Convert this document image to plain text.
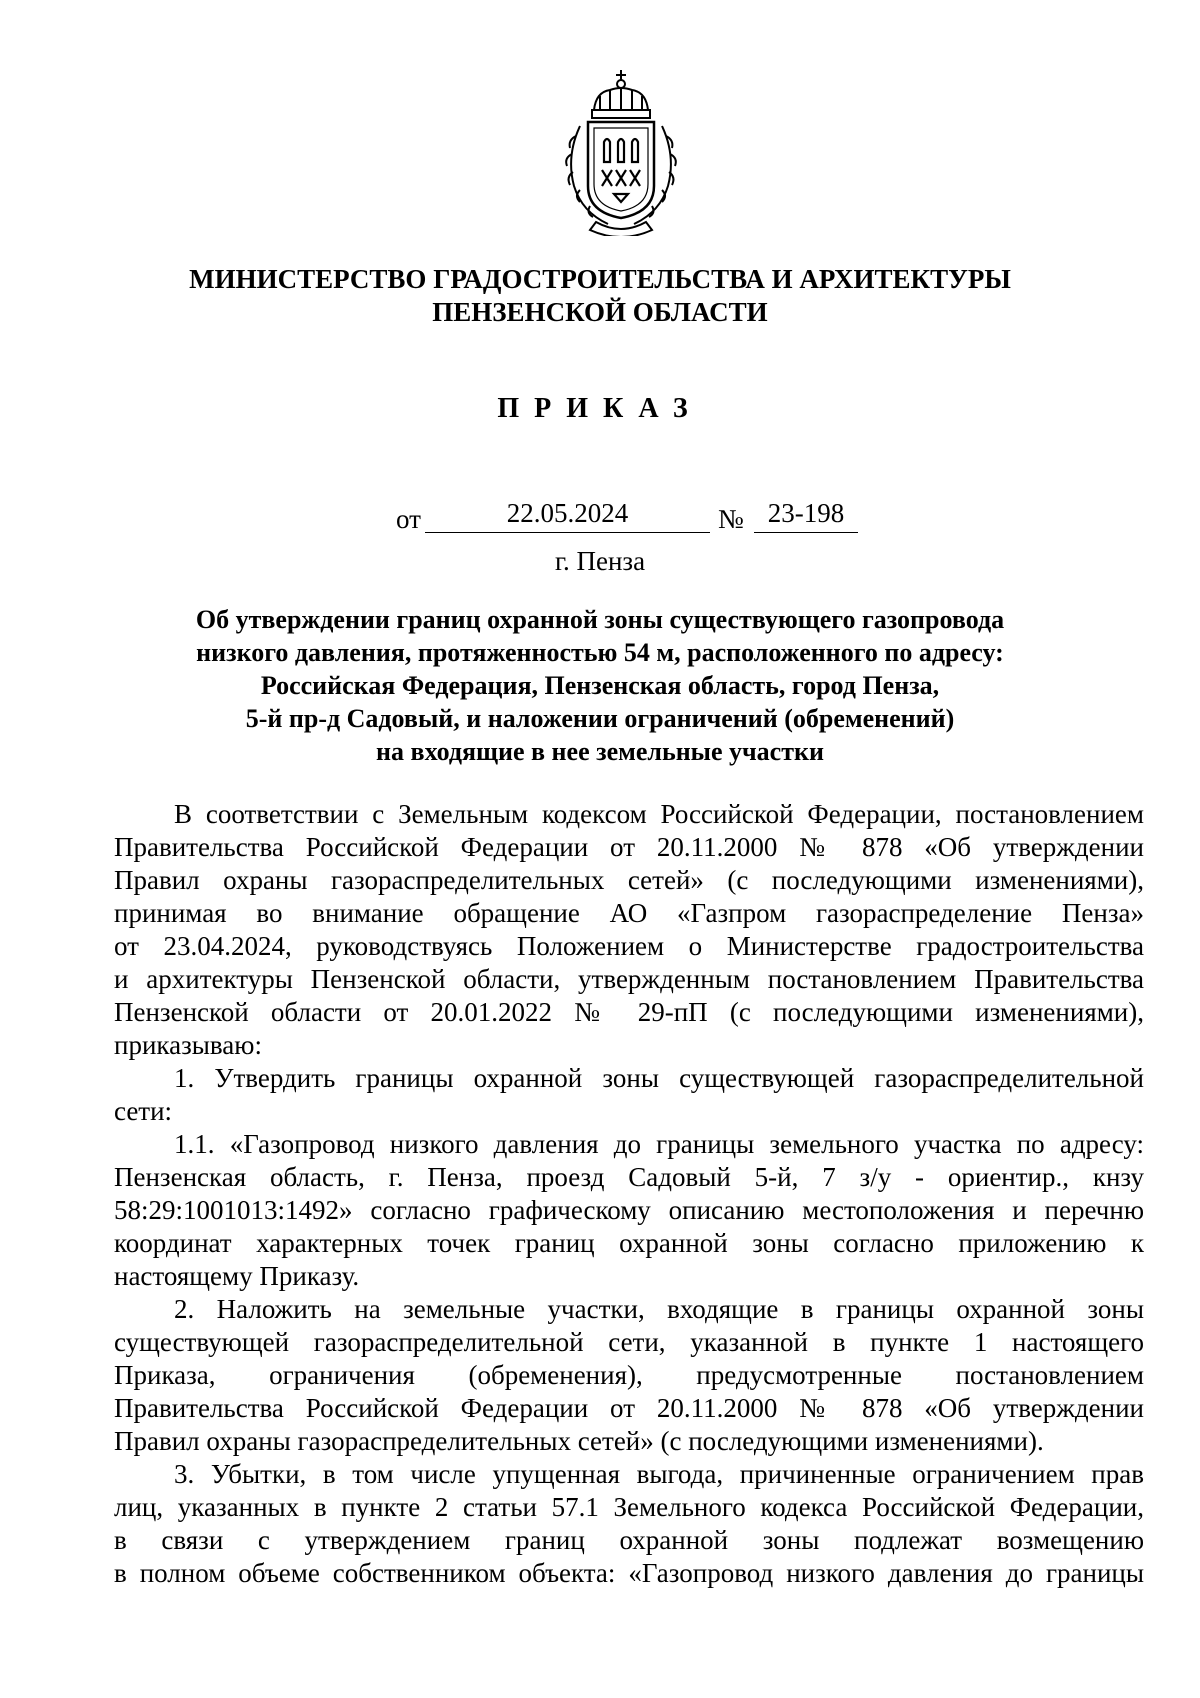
МИНИСТЕРСТВО ГРАДОСТРОИТЕЛЬСТВА И АРХИТЕКТУРЫ
ПЕНЗЕНСКОЙ ОБЛАСТИ
ПРИКАЗ
от	22.05.2024	№ 23-198
г. Пенза
Об утверждении границ охранной зоны существующего газопровода
низкого давления, протяженностью 54 м, расположенного по адресу:
Российская Федерация, Пензенская область, город Пенза,
5-й пр-д Садовый, и наложении ограничений (обременений)
на входящие в нее земельные участки
В соответствии с Земельным кодексом Российской Федерации, постановлением
Правительства Российской Федерации от 20.11.2000 № 878 «Об утверждении
Правил охраны газораспределительных сетей» (с последующими изменениями),
принимая во внимание обращение АО «Газпром газораспределение Пенза»
от 23.04.2024, руководствуясь Положением о Министерстве градостроительства
и архитектуры Пензенской области, утвержденным постановлением Правительства
Пензенской области от 20.01.2022 № 29-пП (с последующими изменениями),
приказываю:
1. Утвердить границы охранной зоны существующей газораспределительной
сети:
1.1. «Газопровод низкого давления до границы земельного участка по адресу:
Пензенская область, г. Пенза, проезд Садовый 5-й, 7 з/у - ориентир., кнзу
58:29:1001013:1492» согласно графическому описанию местоположения и перечню
координат характерных точек границ охранной зоны согласно приложению к
настоящему Приказу.
2. Наложить на земельные участки, входящие в границы охранной зоны
существующей газораспределительной сети, указанной в пункте 1 настоящего
Приказа, ограничения (обременения), предусмотренные постановлением
Правительства Российской Федерации от 20.11.2000 № 878 «Об утверждении
Правил охраны газораспределительных сетей» (с последующими изменениями).
3. Убытки, в том числе упущенная выгода, причиненные ограничением прав
лиц, указанных в пункте 2 статьи 57.1 Земельного кодекса Российской Федерации,
в связи с утверждением границ охранной зоны подлежат возмещению
в полном объеме собственником объекта: «Газопровод низкого давления до границы
